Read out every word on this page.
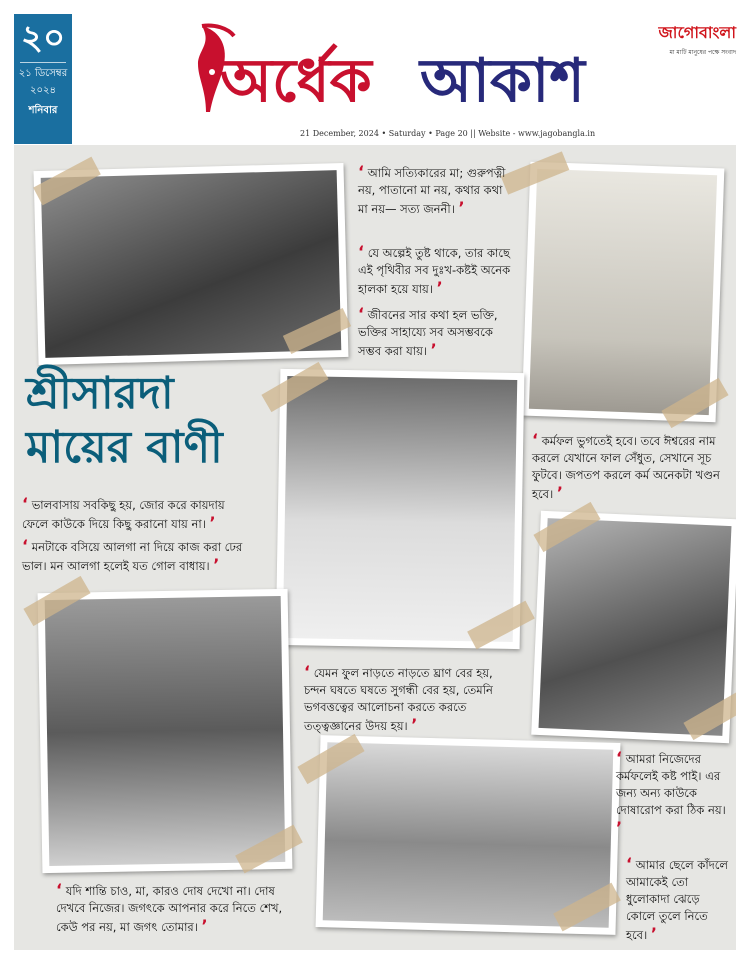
২০
২১ ডিসেম্বর
২০২৪
শনিবার	অর্ধেক আকাশ
জাগোবাংলা
মা মাটি মানুষের পক্ষে সংবাদ
21 December, 2024 • Saturday • Page 20 || Website - www.jagobangla.in
শ্রীসারদা
মায়ের বাণী
‘ আমি সত্যিকারের মা; গুরুপত্নী নয়, পাতানো মা নয়, কথার কথা মা নয়— সত্য জননী। ’
‘ যে অল্পেই তুষ্ট থাকে, তার কাছে এই পৃথিবীর সব দুঃখ-কষ্টই অনেক হালকা হয়ে যায়। ’
‘ জীবনের সার কথা হল ভক্তি, ভক্তির সাহায্যে সব অসম্ভবকে সম্ভব করা যায়। ’
‘ কর্মফল ভুগতেই হবে। তবে ঈশ্বরের নাম করলে যেখানে ফাল সেঁধুত, সেখানে সূচ ফুটবে। জপতপ করলে কর্ম অনেকটা খণ্ডন হবে। ’
‘ ভালবাসায় সবকিছু হয়, জোর করে কায়দায় ফেলে কাউকে দিয়ে কিছু করানো যায় না। ’
‘ মনটাকে বসিয়ে আলগা না দিয়ে কাজ করা ঢের ভাল। মন আলগা হলেই যত গোল বাধায়। ’
‘ যেমন ফুল নাড়তে নাড়তে ঘ্রাণ বের হয়, চন্দন ঘষতে ঘষতে সুগন্ধী বের হয়, তেমনি ভগবত্তত্বের আলোচনা করতে করতে তত্ত্বজ্ঞানের উদয় হয়। ’
‘ আমরা নিজেদের কর্মফলেই কষ্ট পাই। এর জন্য অন্য কাউকে দোষারোপ করা ঠিক নয়। ’
‘ আমার ছেলে কাঁদলে আমাকেই তো ধুলোকাদা ঝেড়ে কোলে তুলে নিতে হবে। ’
‘ যদি শান্তি চাও, মা, কারও দোষ দেখো না। দোষ দেখবে নিজের। জগৎকে আপনার করে নিতে শেখ, কেউ পর নয়, মা জগৎ তোমার। ’
